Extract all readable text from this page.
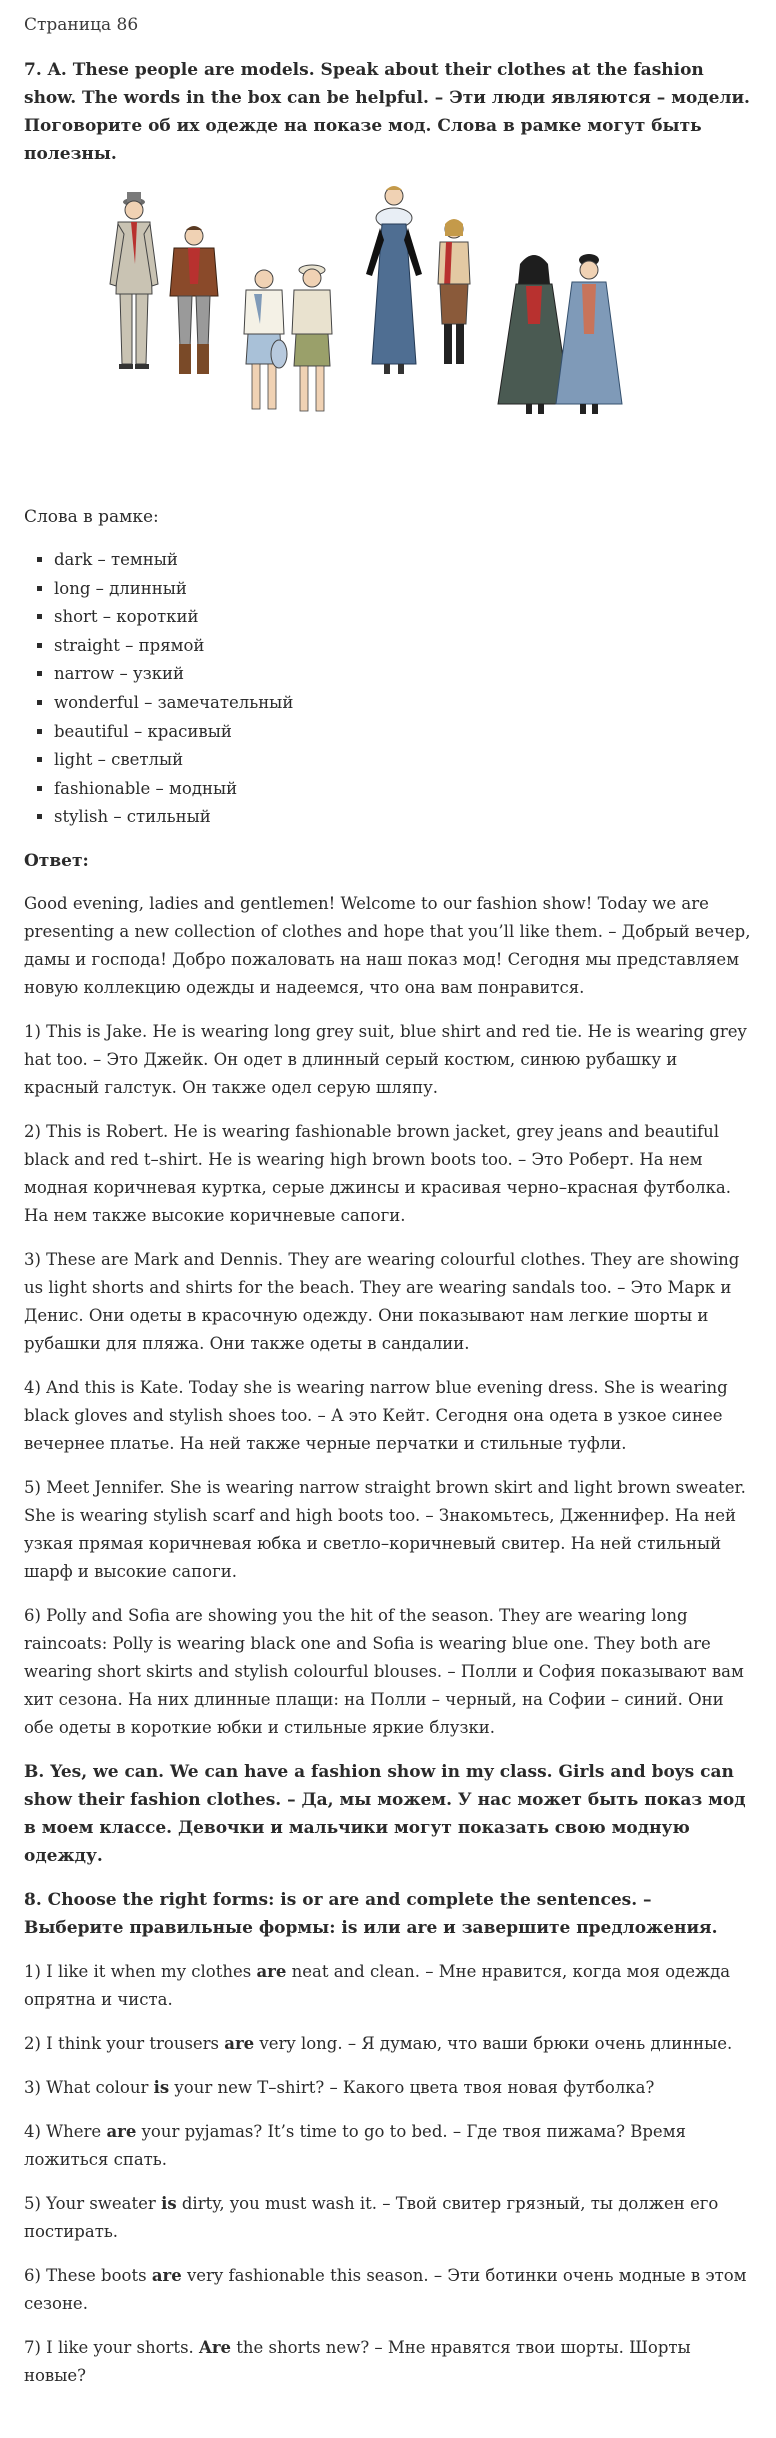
Страница 86
7. A. These people are models. Speak about their clothes at the fashion show. The words in the box can be helpful. – Эти люди являются – модели. Поговорите об их одежде на показе мод. Слова в рамке могут быть полезны.
Слова в рамке:
▪ dark – темный
▪ long – длинный
▪ short – короткий
▪ straight – прямой
▪ narrow – узкий
▪ wonderful – замечательный
▪ beautiful – красивый
▪ light – светлый
▪ fashionable – модный
▪ stylish – стильный
Ответ:

Good evening, ladies and gentlemen! Welcome to our fashion show! Today we are presenting a new collection of clothes and hope that you’ll like them. – Добрый вечер, дамы и господа! Добро пожаловать на наш показ мод! Сегодня мы представляем новую коллекцию одежды и надеемся, что она вам понравится.

1) This is Jake. He is wearing long grey suit, blue shirt and red tie. He is wearing grey hat too. – Это Джейк. Он одет в длинный серый костюм, синюю рубашку и красный галстук. Он также одел серую шляпу.

2) This is Robert. He is wearing fashionable brown jacket, grey jeans and beautiful black and red t–shirt. He is wearing high brown boots too. – Это Роберт. На нем модная коричневая куртка, серые джинсы и красивая черно–красная футболка. На нем также высокие коричневые сапоги.

3) These are Mark and Dennis. They are wearing colourful clothes. They are showing us light shorts and shirts for the beach. They are wearing sandals too. – Это Марк и Денис. Они одеты в красочную одежду. Они показывают нам легкие шорты и рубашки для пляжа. Они также одеты в сандалии.

4) And this is Kate. Today she is wearing narrow blue evening dress. She is wearing black gloves and stylish shoes too. – А это Кейт. Сегодня она одета в узкое синее вечернее платье. На ней также черные перчатки и стильные туфли.

5) Meet Jennifer. She is wearing narrow straight brown skirt and light brown sweater. She is wearing stylish scarf and high boots too. – Знакомьтесь, Дженнифер. На ней узкая прямая коричневая юбка и светло–коричневый свитер. На ней стильный шарф и высокие сапоги.

6) Polly and Sofia are showing you the hit of the season. They are wearing long raincoats: Polly is wearing black one and Sofia is wearing blue one. They both are wearing short skirts and stylish colourful blouses. – Полли и София показывают вам хит сезона. На них длинные плащи: на Полли – черный, на Софии – синий. Они обе одеты в короткие юбки и стильные яркие блузки.

B. Yes, we can. We can have a fashion show in my class. Girls and boys can show their fashion clothes. – Да, мы можем. У нас может быть показ мод в моем классе. Девочки и мальчики могут показать свою модную одежду.

8. Choose the right forms: is or are and complete the sentences. – Выберите правильные формы: is или are и завершите предложения.

1) I like it when my clothes are neat and clean. – Мне нравится, когда моя одежда опрятна и чиста.

2) I think your trousers are very long. – Я думаю, что ваши брюки очень длинные.

3) What colour is your new T–shirt? – Какого цвета твоя новая футболка?

4) Where are your pyjamas? It’s time to go to bed. – Где твоя пижама? Время ложиться спать.

5) Your sweater is dirty, you must wash it. – Твой свитер грязный, ты должен его постирать.

6) These boots are very fashionable this season. – Эти ботинки очень модные в этом сезоне.

7) I like your shorts. Are the shorts new? – Мне нравятся твои шорты. Шорты новые?
